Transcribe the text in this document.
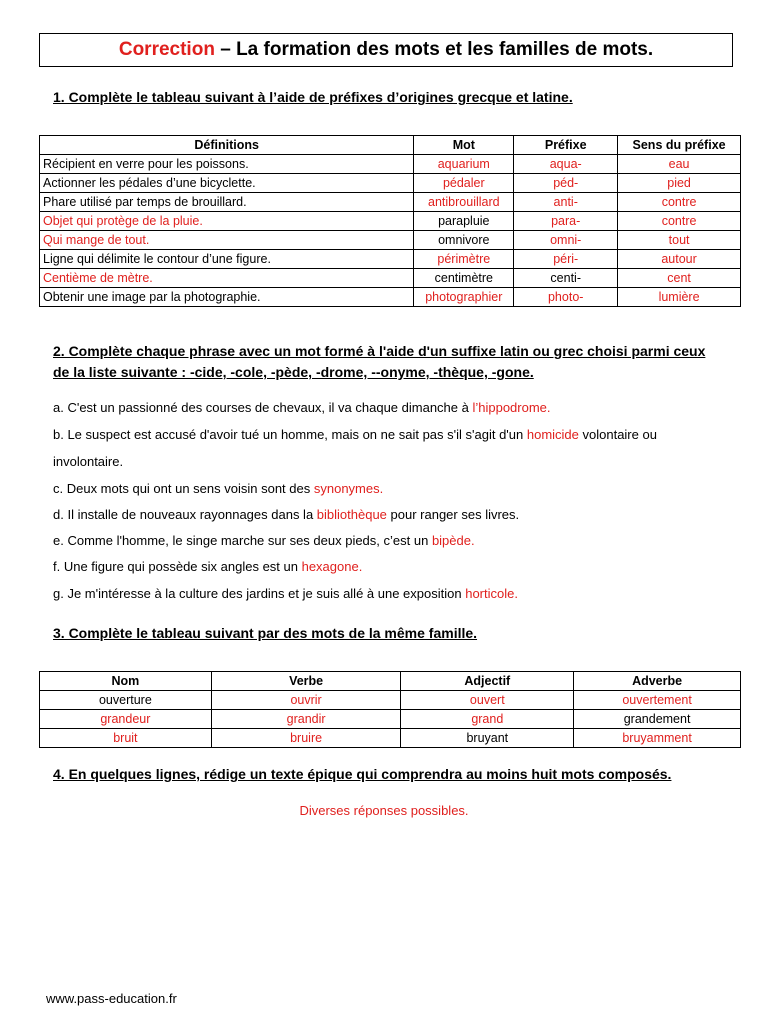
Correction – La formation des mots et les familles de mots.
1. Complète le tableau suivant à l’aide de préfixes d’origines grecque et latine.
Définitions	Mot	Préfixe	Sens du préfixe
Récipient en verre pour les poissons.	aquarium	aqua-	eau
Actionner les pédales d’une bicyclette.	pédaler	péd-	pied
Phare utilisé par temps de brouillard.	antibrouillard	anti-	contre
Objet qui protège de la pluie.	parapluie	para-	contre
Qui mange de tout.	omnivore	omni-	tout
Ligne qui délimite le contour d’une figure.	périmètre	péri-	autour
Centième de mètre.	centimètre	centi-	cent
Obtenir une image par la photographie.	photographier	photo-	lumière
2. Complète chaque phrase avec un mot formé à l'aide d'un suffixe latin ou grec choisi parmi ceux
de la liste suivante : -cide, -cole, -pède, -drome, --onyme, -thèque, -gone.
a. C'est un passionné des courses de chevaux, il va chaque dimanche à l’hippodrome.
b. Le suspect est accusé d'avoir tué un homme, mais on ne sait pas s'il s'agit d'un homicide volontaire ou
involontaire.
c. Deux mots qui ont un sens voisin sont des synonymes.
d. Il installe de nouveaux rayonnages dans la bibliothèque pour ranger ses livres.
e. Comme l'homme, le singe marche sur ses deux pieds, c’est un bipède.
f. Une figure qui possède six angles est un hexagone.
g. Je m'intéresse à la culture des jardins et je suis allé à une exposition horticole.
3. Complète le tableau suivant par des mots de la même famille.
Nom	Verbe	Adjectif	Adverbe
ouverture	ouvrir	ouvert	ouvertement
grandeur	grandir	grand	grandement
bruit	bruire	bruyant	bruyamment
4. En quelques lignes, rédige un texte épique qui comprendra au moins huit mots composés.
Diverses réponses possibles.
www.pass-education.fr
